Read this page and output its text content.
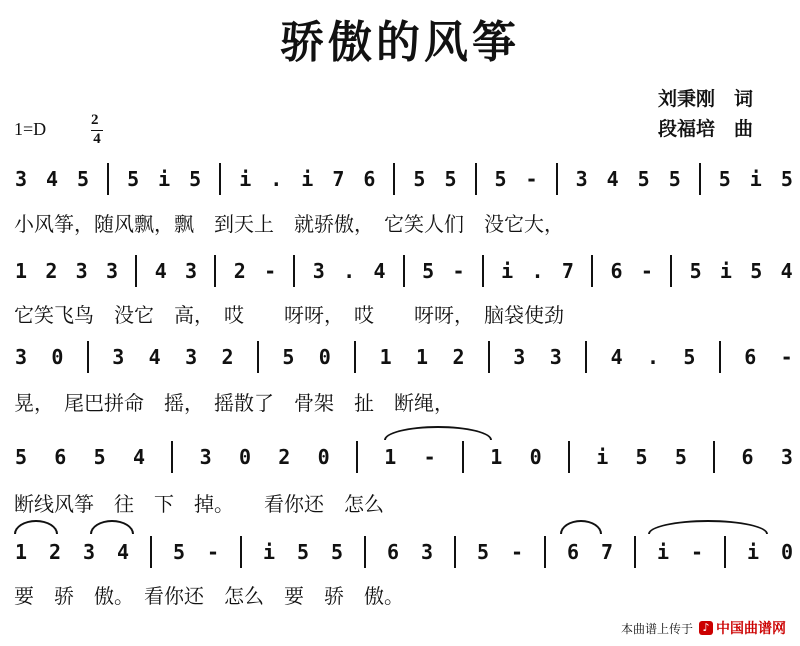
骄傲的风筝
刘秉刚　词
段福培　曲
1=D	2
4
3 4 5 5 i 5 i . i 7 6 5 5 5 - 3 4 5 5 5 i 5
小风筝，随风飘，飘　到天上　就骄傲，　它笑人们　没它大，
1 2 3 3 4 3 2 - 3 . 4 5 - i . 7 6 - 5 i 5 4
它笑飞鸟　没它　高，　哎　　呀呀，　哎　　呀呀，　脑袋使劲
3 0 3 4 3 2 5 0 1 1 2 3 3 4 . 5 6 -
晃，　尾巴拼命　摇，　摇散了　骨架　扯　断绳，
5 6 5 4	3 0 2 0	1 -	1 0	i 5 5	6 3
断线风筝　往　下　掉。　　看你还　怎么
1 2 3 4 5 - i 5 5 6 3 5 - 6 7 i - i 0
要　骄　傲。　看你还　怎么　要　骄　傲。
本曲谱上传于 ♪ 中国曲谱网
